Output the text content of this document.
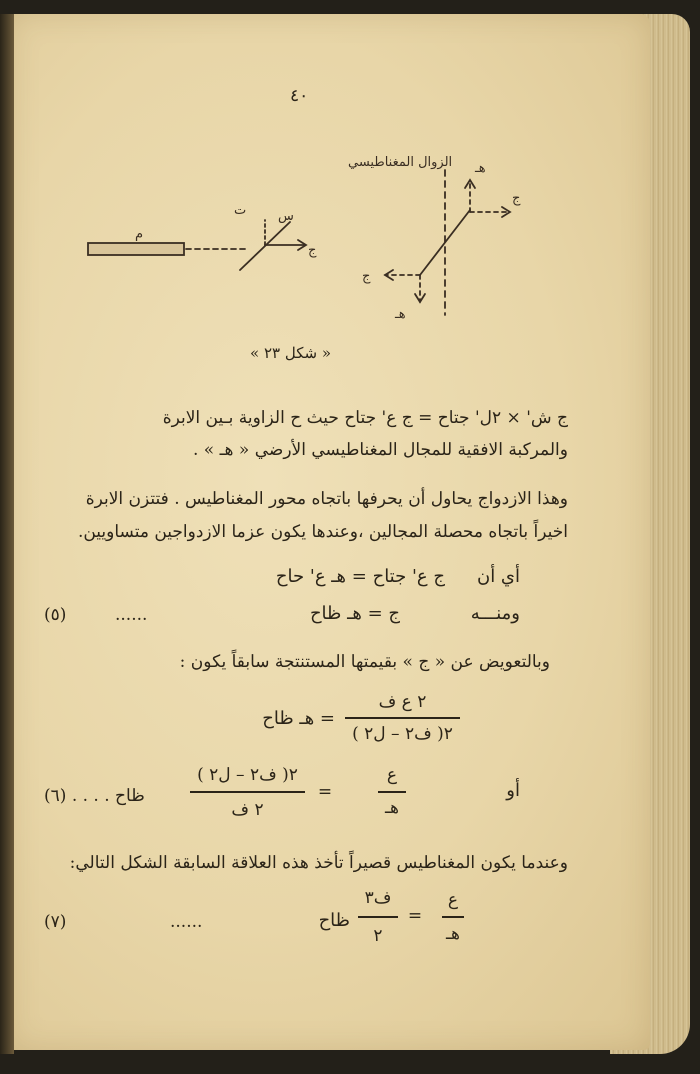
٤٠
الزوال المغناطيسي هـ
ج
ج
هـ
م
س
ت
ج
« شكل ٢٣ »
ج ش' × ٢ل' جتاح = ج ع' جتاح حيث ح الزاوية بـين الابرة
والمركبة الافقية للمجال المغناطيسي الأرضي « هـ » .
وهذا الازدواج يحاول أن يحرفها باتجاه محور المغناطيس . فتتزن الابرة
اخيراً باتجاه محصلة المجالين ،وعندها يكون عزما الازدواجين متساويين.
أي أن
ج ع' جتاح = هـ ع' حاح
ومنـــه
ج = هـ ظاح
......
(٥)
وبالتعويض عن « ج » بقيمتها المستنتجة سابقاً يكون :
٢ ع ف
( ف٢ – ل٢ )٢
= هـ ظاح
أو
ع
هـ
=
( ف٢ – ل٢ )٢
٢ ف
ظاح . . . . (٦)
وعندما يكون المغناطيس قصيراً تأخذ هذه العلاقة السابقة الشكل التالي:
ع
هـ
=
ف٣
٢
ظاح
......
(٧)
